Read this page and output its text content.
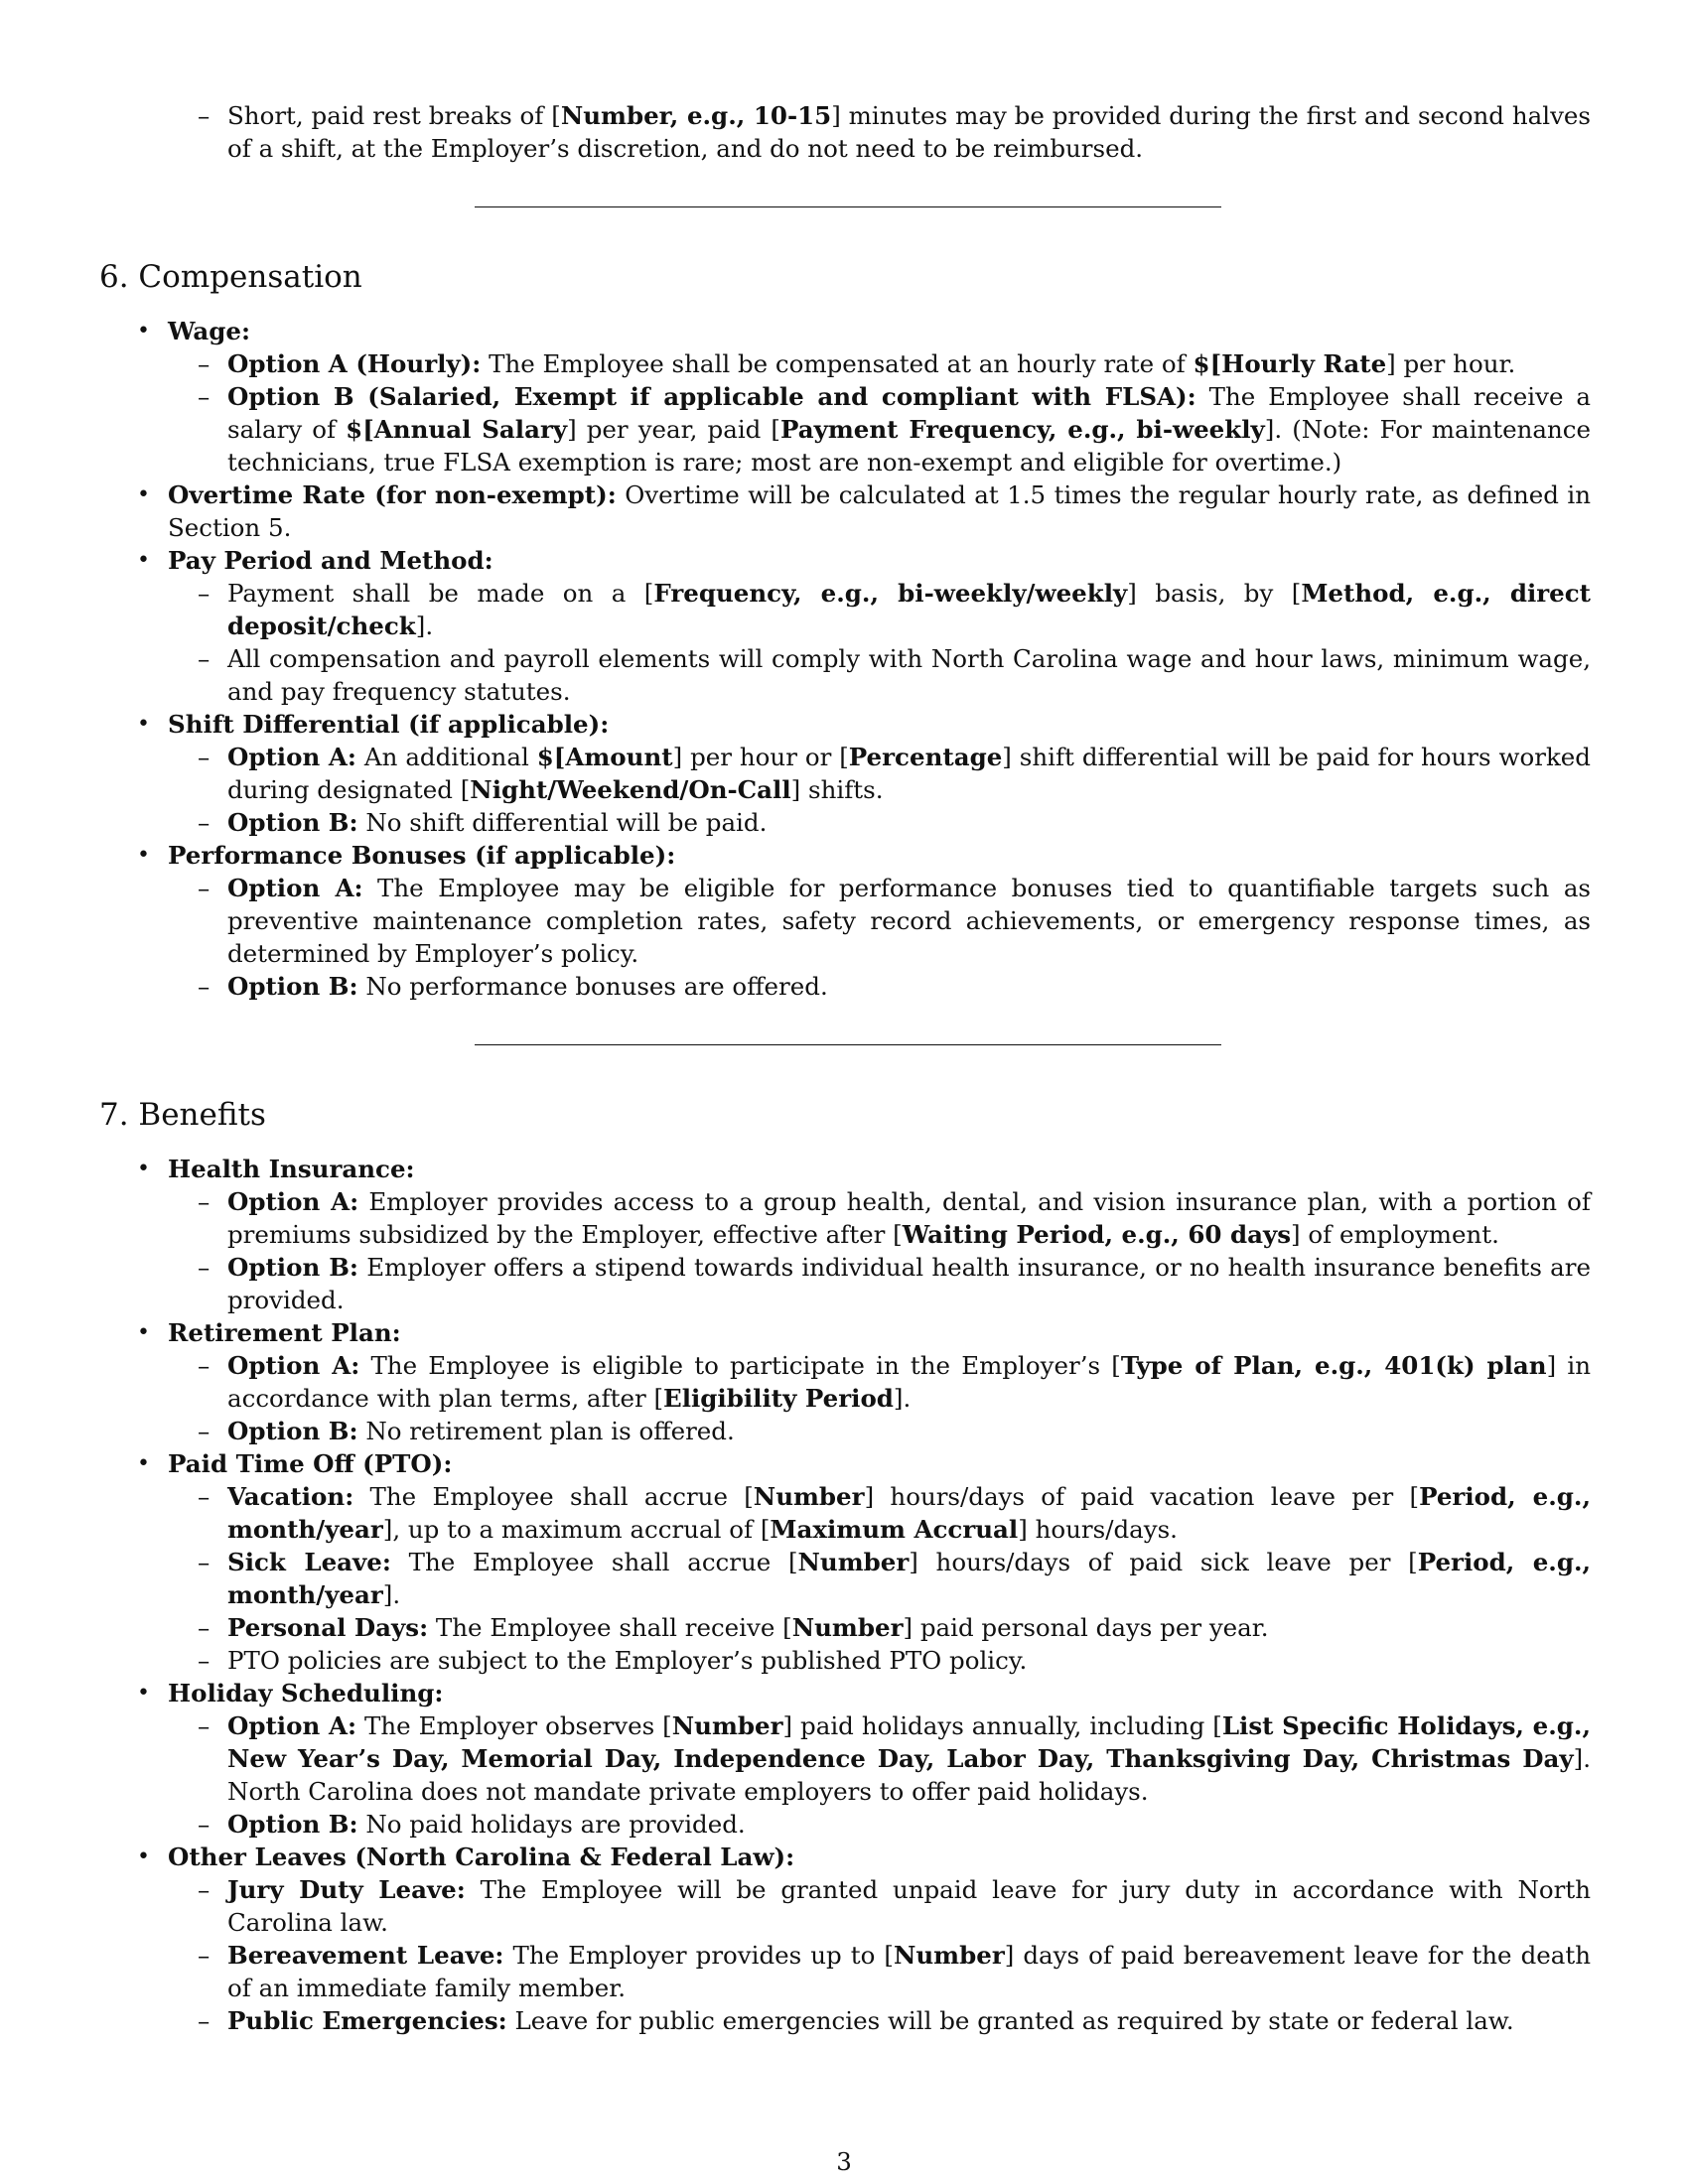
– Short, paid rest breaks of [Number, e.g., 10-15] minutes may be provided during the first and second halves of a shift, at the Employer’s discretion, and do not need to be reimbursed.
6. Compensation
• Wage:
– Option A (Hourly): The Employee shall be compensated at an hourly rate of $[Hourly Rate] per hour.
– Option B (Salaried, Exempt if applicable and compliant with FLSA): The Employee shall receive a salary of $[Annual Salary] per year, paid [Payment Frequency, e.g., bi-weekly]. (Note: For maintenance technicians, true FLSA exemption is rare; most are non-exempt and eligible for overtime.)
• Overtime Rate (for non-exempt): Overtime will be calculated at 1.5 times the regular hourly rate, as defined in Section 5.
• Pay Period and Method:
– Payment shall be made on a [Frequency, e.g., bi-weekly/weekly] basis, by [Method, e.g., direct deposit/check].
– All compensation and payroll elements will comply with North Carolina wage and hour laws, minimum wage, and pay frequency statutes.
• Shift Differential (if applicable):
– Option A: An additional $[Amount] per hour or [Percentage] shift differential will be paid for hours worked during designated [Night/Weekend/On-Call] shifts.
– Option B: No shift differential will be paid.
• Performance Bonuses (if applicable):
– Option A: The Employee may be eligible for performance bonuses tied to quantifiable targets such as preventive maintenance completion rates, safety record achievements, or emergency response times, as determined by Employer’s policy.
– Option B: No performance bonuses are offered.
7. Benefits
• Health Insurance:
– Option A: Employer provides access to a group health, dental, and vision insurance plan, with a portion of premiums subsidized by the Employer, effective after [Waiting Period, e.g., 60 days] of employment.
– Option B: Employer offers a stipend towards individual health insurance, or no health insurance benefits are provided.
• Retirement Plan:
– Option A: The Employee is eligible to participate in the Employer’s [Type of Plan, e.g., 401(k) plan] in accordance with plan terms, after [Eligibility Period].
– Option B: No retirement plan is offered.
• Paid Time Off (PTO):
– Vacation: The Employee shall accrue [Number] hours/days of paid vacation leave per [Period, e.g., month/year], up to a maximum accrual of [Maximum Accrual] hours/days.
– Sick Leave: The Employee shall accrue [Number] hours/days of paid sick leave per [Period, e.g., month/year].
– Personal Days: The Employee shall receive [Number] paid personal days per year.
– PTO policies are subject to the Employer’s published PTO policy.
• Holiday Scheduling:
– Option A: The Employer observes [Number] paid holidays annually, including [List Specific Holidays, e.g., New Year’s Day, Memorial Day, Independence Day, Labor Day, Thanksgiving Day, Christmas Day]. North Carolina does not mandate private employers to offer paid holidays.
– Option B: No paid holidays are provided.
• Other Leaves (North Carolina & Federal Law):
– Jury Duty Leave: The Employee will be granted unpaid leave for jury duty in accordance with North Carolina law.
– Bereavement Leave: The Employer provides up to [Number] days of paid bereavement leave for the death of an immediate family member.
– Public Emergencies: Leave for public emergencies will be granted as required by state or federal law.
3
